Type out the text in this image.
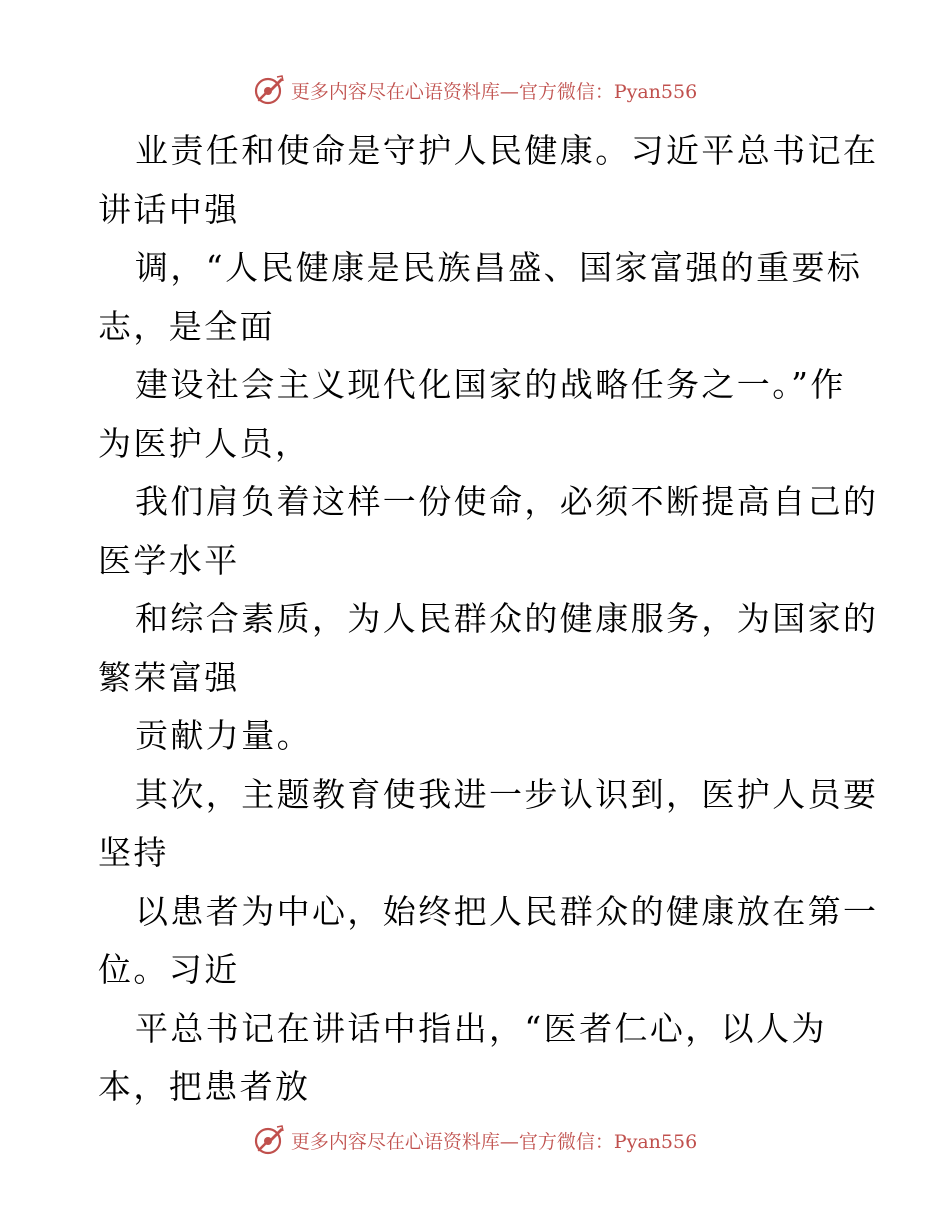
更多内容尽在心语资料库—官方微信：Pyan556
业责任和使命是守护人民健康。习近平总书记在
讲话中强
调，“人民健康是民族昌盛、国家富强的重要标
志，是全面
建设社会主义现代化国家的战略任务之一。”作
为医护人员，
我们肩负着这样一份使命，必须不断提高自己的
医学水平
和综合素质，为人民群众的健康服务，为国家的
繁荣富强
贡献力量。
其次，主题教育使我进一步认识到，医护人员要
坚持
以患者为中心，始终把人民群众的健康放在第一
位。习近
平总书记在讲话中指出，“医者仁心，以人为
本，把患者放
更多内容尽在心语资料库—官方微信：Pyan556
